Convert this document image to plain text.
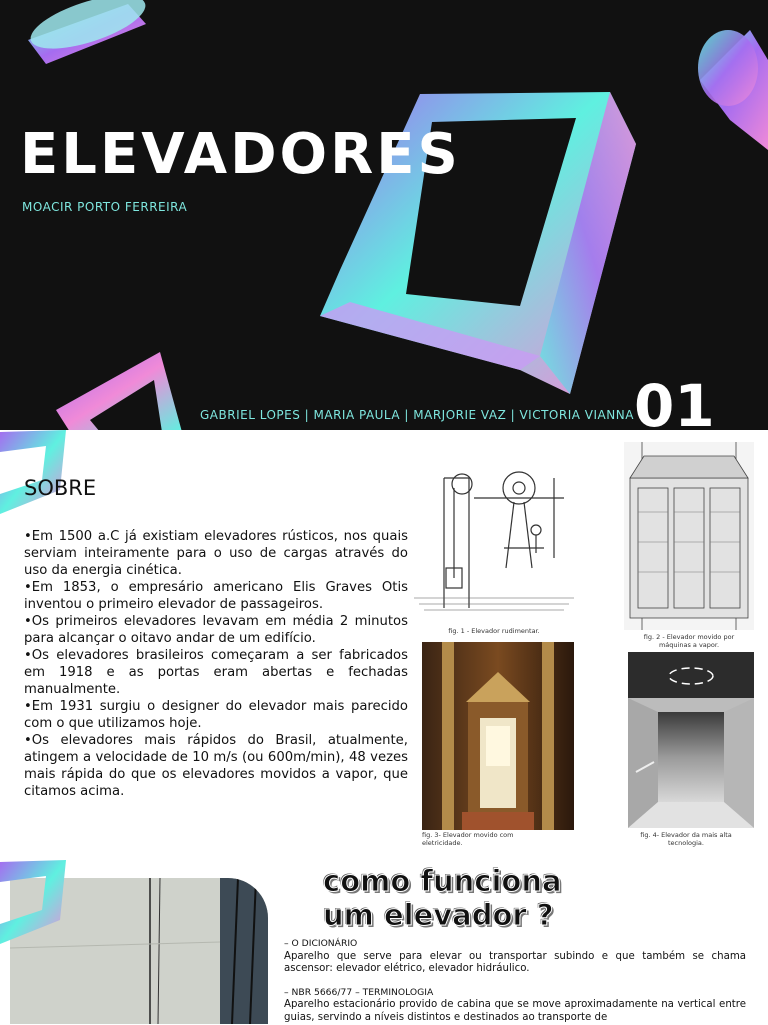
ELEVADORES
MOACIR PORTO FERREIRA
GABRIEL LOPES | MARIA PAULA | MARJORIE VAZ | VICTORIA VIANNA 01
SOBRE

•Em 1500 a.C já existiam elevadores rústicos, nos quais serviam inteiramente para o uso de cargas através do uso da energia cinética.

•Em 1853, o empresário americano Elis Graves Otis inventou o primeiro elevador de passageiros.

•Os primeiros elevadores levavam em média 2 minutos para alcançar o oitavo andar de um edifício.

•Os elevadores brasileiros começaram a ser fabricados em 1918 e as portas eram abertas e fechadas manualmente.

•Em 1931 surgiu o designer do elevador mais parecido com o que utilizamos hoje.

•Os elevadores mais rápidos do Brasil, atualmente, atingem a velocidade de 10 m/s (ou 600m/min), 48 vezes mais rápida do que os elevadores movidos a vapor, que citamos acima.

fig. 1 - Elevador rudimentar.
fig. 2 - Elevador movido por
máquinas a vapor.
fig. 3- Elevador movido com
eletricidade.
fig. 4- Elevador da mais alta
tecnologia.
como funciona
um elevador ?
– O DICIONÁRIO
Aparelho que serve para elevar ou transportar subindo e que também se chama ascensor: elevador elétrico, elevador hidráulico.
– NBR 5666/77 – TERMINOLOGIA
Aparelho estacionário provido de cabina que se move aproximadamente na vertical entre guias, servindo a níveis distintos e destinados ao transporte de
